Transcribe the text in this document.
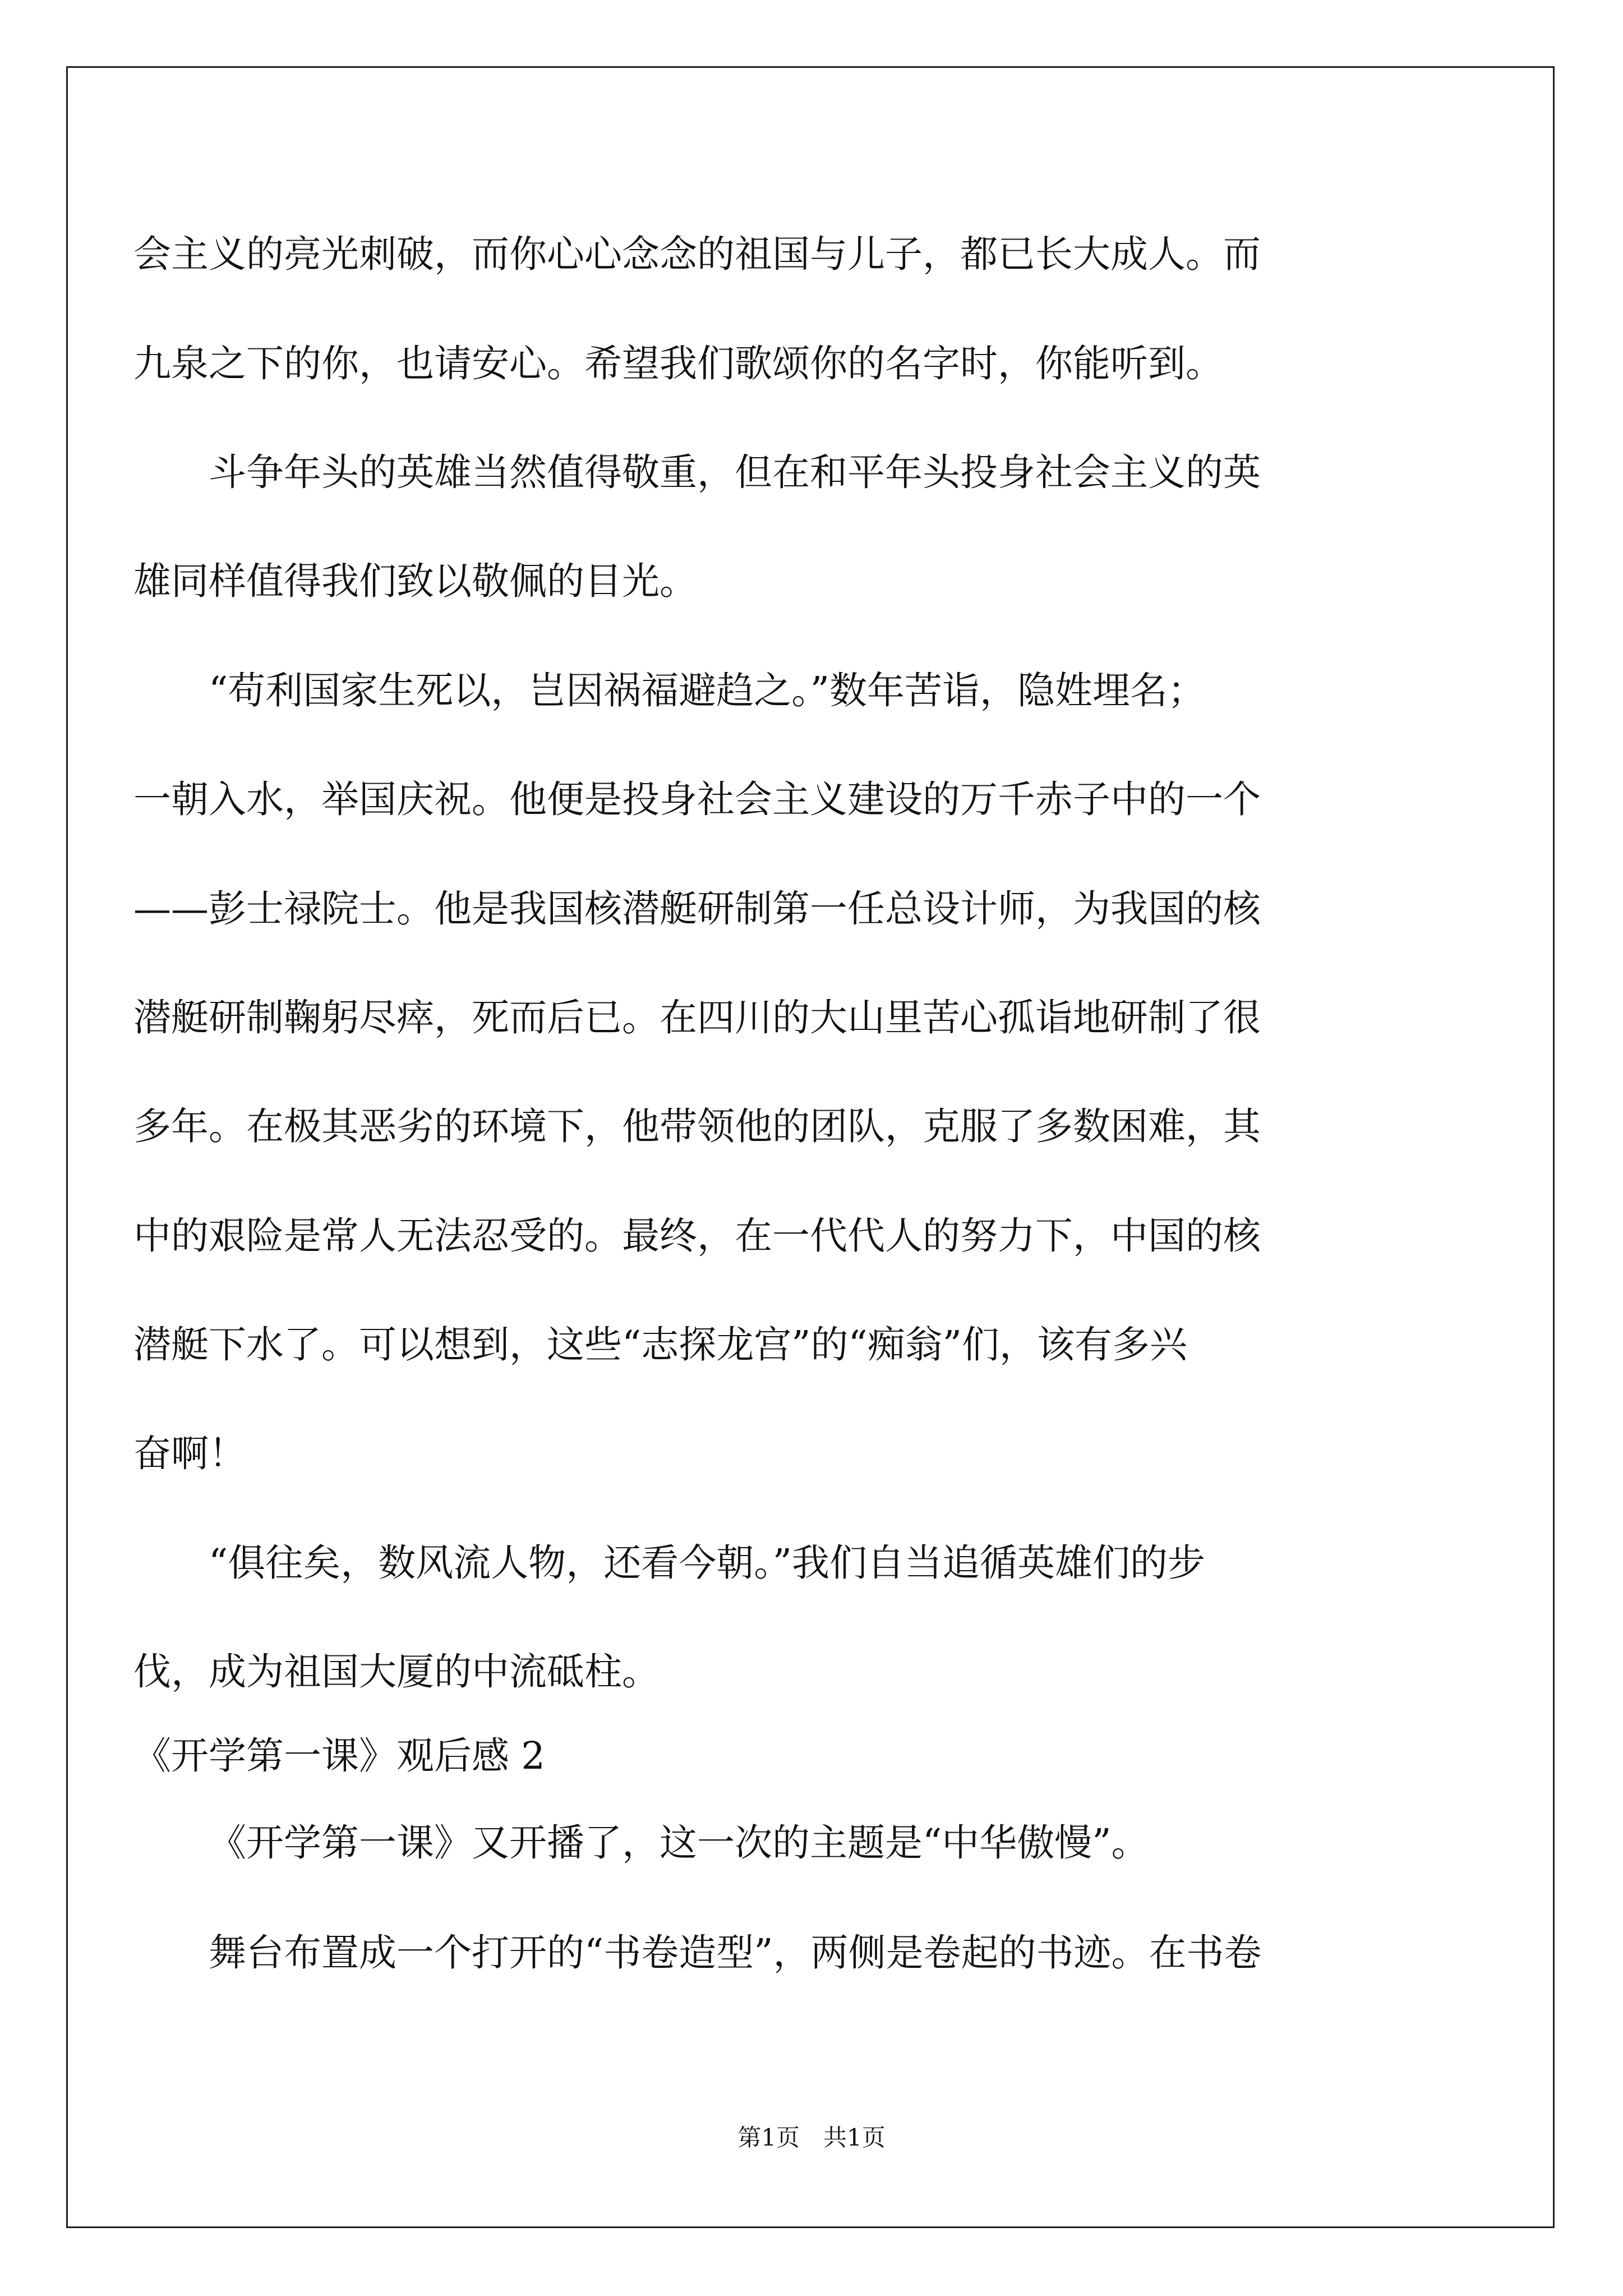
会主义的亮光刺破，而你心心念念的祖国与儿子，都已长大成人。而
九泉之下的你，也请安心。希望我们歌颂你的名字时，你能听到。
斗争年头的英雄当然值得敬重，但在和平年头投身社会主义的英
雄同样值得我们致以敬佩的目光。
“苟利国家生死以，岂因祸福避趋之。”数年苦诣，隐姓埋名；
一朝入水，举国庆祝。他便是投身社会主义建设的万千赤子中的一个
——彭士禄院士。他是我国核潜艇研制第一任总设计师，为我国的核
潜艇研制鞠躬尽瘁，死而后已。在四川的大山里苦心孤诣地研制了很
多年。在极其恶劣的环境下，他带领他的团队，克服了多数困难，其
中的艰险是常人无法忍受的。最终，在一代代人的努力下，中国的核
潜艇下水了。可以想到，这些“志探龙宫”的“痴翁”们，该有多兴
奋啊！
“俱往矣，数风流人物，还看今朝。”我们自当追循英雄们的步
伐，成为祖国大厦的中流砥柱。
《开学第一课》观后感 2
《开学第一课》又开播了，这一次的主题是“中华傲慢”。
舞台布置成一个打开的“书卷造型”，两侧是卷起的书迹。在书卷
第1页　共1页
